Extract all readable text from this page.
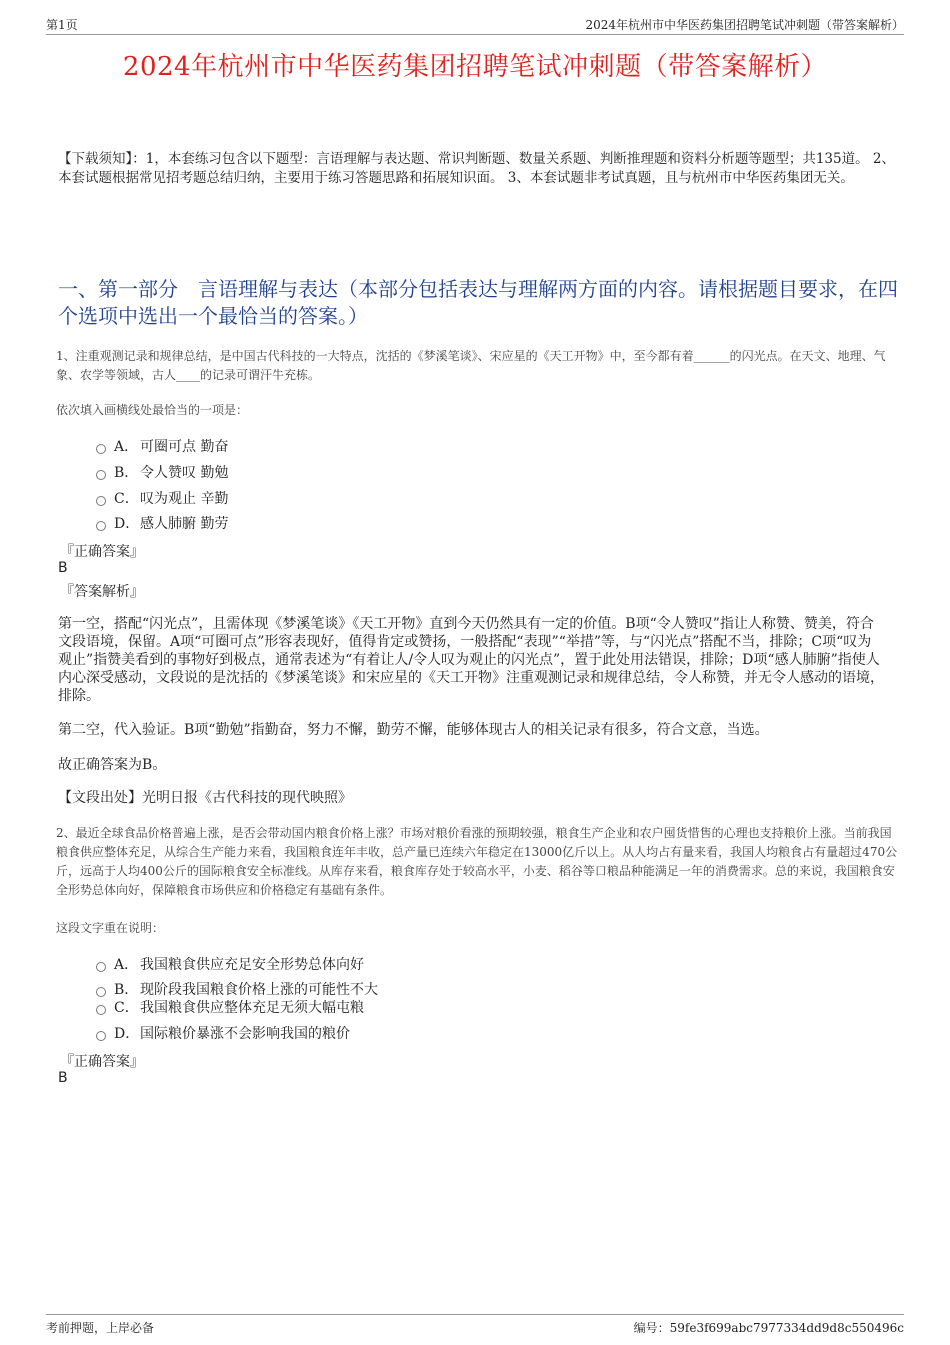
第1页	2024年杭州市中华医药集团招聘笔试冲刺题（带答案解析）
2024年杭州市中华医药集团招聘笔试冲刺题（带答案解析）
【下载须知】：1，本套练习包含以下题型：言语理解与表达题、常识判断题、数量关系题、判断推理题和资料分析题等题型；共135道。 2、本套试题根据常见招考题总结归纳，主要用于练习答题思路和拓展知识面。 3、本套试题非考试真题，且与杭州市中华医药集团无关。
一、第一部分　言语理解与表达（本部分包括表达与理解两方面的内容。请根据题目要求，在四个选项中选出一个最恰当的答案。）
1、注重观测记录和规律总结，是中国古代科技的一大特点，沈括的《梦溪笔谈》、宋应星的《天工开物》中，至今都有着______的闪光点。在天文、地理、气象、农学等领域，古人____的记录可谓汗牛充栋。
依次填入画横线处最恰当的一项是：
A． 可圈可点 勤奋
B． 令人赞叹 勤勉
C．叹为观止 辛勤
D．感人肺腑 勤劳
『正确答案』
B
『答案解析』
第一空，搭配“闪光点”，且需体现《梦溪笔谈》《天工开物》直到今天仍然具有一定的价值。B项“令人赞叹”指让人称赞、赞美，符合文段语境，保留。A项“可圈可点”形容表现好，值得肯定或赞扬，一般搭配“表现”“举措”等，与“闪光点”搭配不当，排除；C项“叹为观止”指赞美看到的事物好到极点，通常表述为“有着让人/令人叹为观止的闪光点”，置于此处用法错误，排除；D项“感人肺腑”指使人内心深受感动，文段说的是沈括的《梦溪笔谈》和宋应星的《天工开物》注重观测记录和规律总结，令人称赞，并无令人感动的语境，排除。
第二空，代入验证。B项“勤勉”指勤奋，努力不懈，勤劳不懈，能够体现古人的相关记录有很多，符合文意，当选。
故正确答案为B。
【文段出处】光明日报《古代科技的现代映照》
2、最近全球食品价格普遍上涨，是否会带动国内粮食价格上涨？市场对粮价看涨的预期较强，粮食生产企业和农户囤货惜售的心理也支持粮价上涨。当前我国粮食供应整体充足，从综合生产能力来看，我国粮食连年丰收，总产量已连续六年稳定在13000亿斤以上。从人均占有量来看，我国人均粮食占有量超过470公斤，远高于人均400公斤的国际粮食安全标准线。从库存来看，粮食库存处于较高水平，小麦、稻谷等口粮品种能满足一年的消费需求。总的来说，我国粮食安全形势总体向好，保障粮食市场供应和价格稳定有基础有条件。
这段文字重在说明：
A． 我国粮食供应充足安全形势总体向好
B． 现阶段我国粮食价格上涨的可能性不大
C．我国粮食供应整体充足无须大幅屯粮
D．国际粮价暴涨不会影响我国的粮价
『正确答案』
B
考前押题，上岸必备	编号：59fe3f699abc7977334dd9d8c550496c
